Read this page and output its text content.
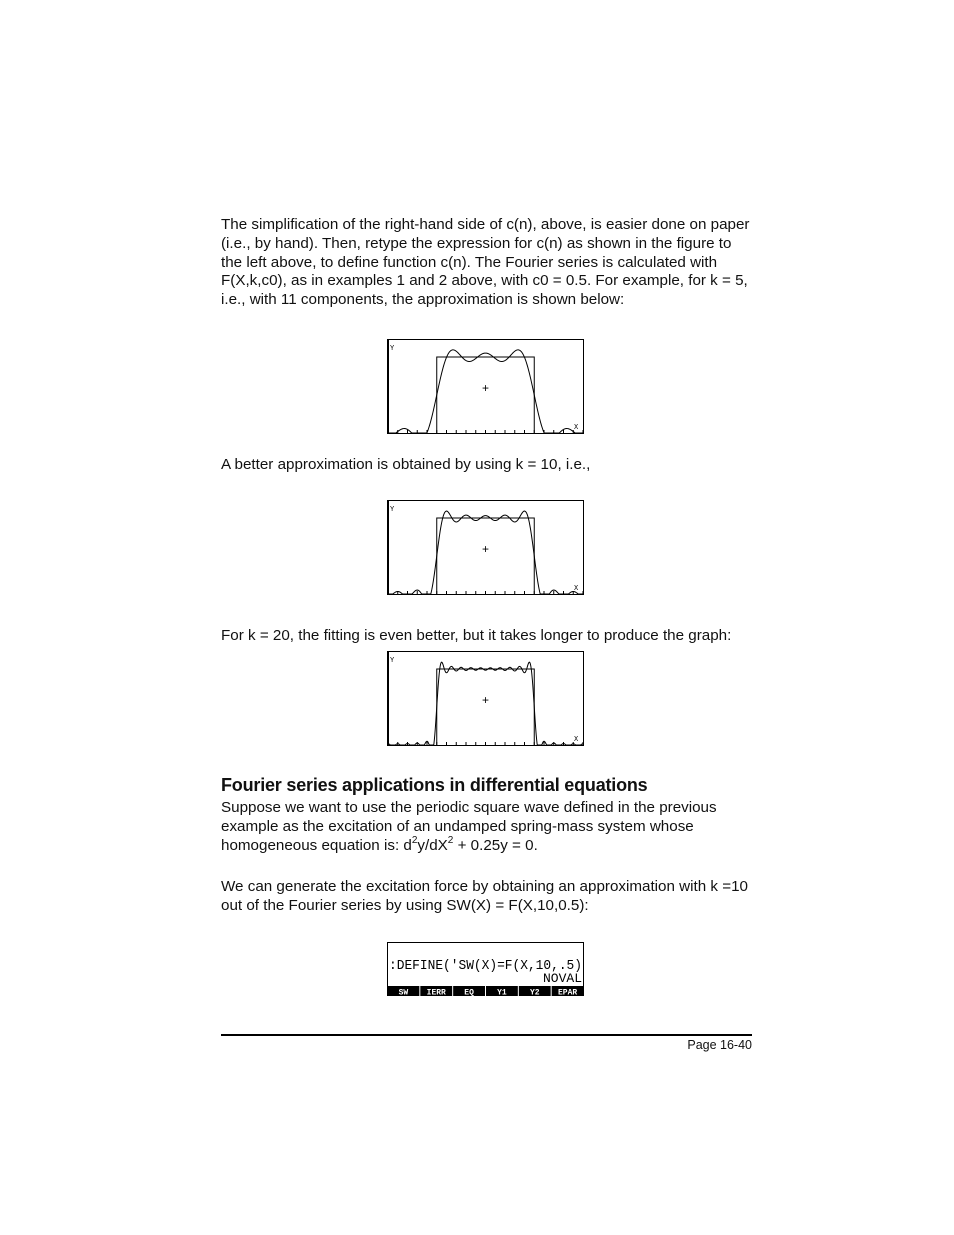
The simplification of the right-hand side of c(n), above, is easier done on paper (i.e., by hand). Then, retype the expression for c(n) as shown in the figure to the left above, to define function c(n). The Fourier series is calculated with F(X,k,c0), as in examples 1 and 2 above, with c0 = 0.5. For example, for k = 5, i.e., with 11 components, the approximation is shown below:
Y
X
+
A better approximation is obtained by using k = 10, i.e.,
Y
X
+
For k = 20, the fitting is even better, but it takes longer to produce the graph:
Y
X
+
Fourier series applications in differential equations
Suppose we want to use the periodic square wave defined in the previous example as the excitation of an undamped spring-mass system whose homogeneous equation is: $d^2y/dX^2 + 0.25y = 0$.
We can generate the excitation force by obtaining an approximation with k =10 out of the Fourier series by using SW(X) = F(X,10,0.5):
:DEFINE('SW(X)=F(X,10,.5)
NOVAL
SW IERR EQ	Y1	Y2 EPAR
Page 16-40
